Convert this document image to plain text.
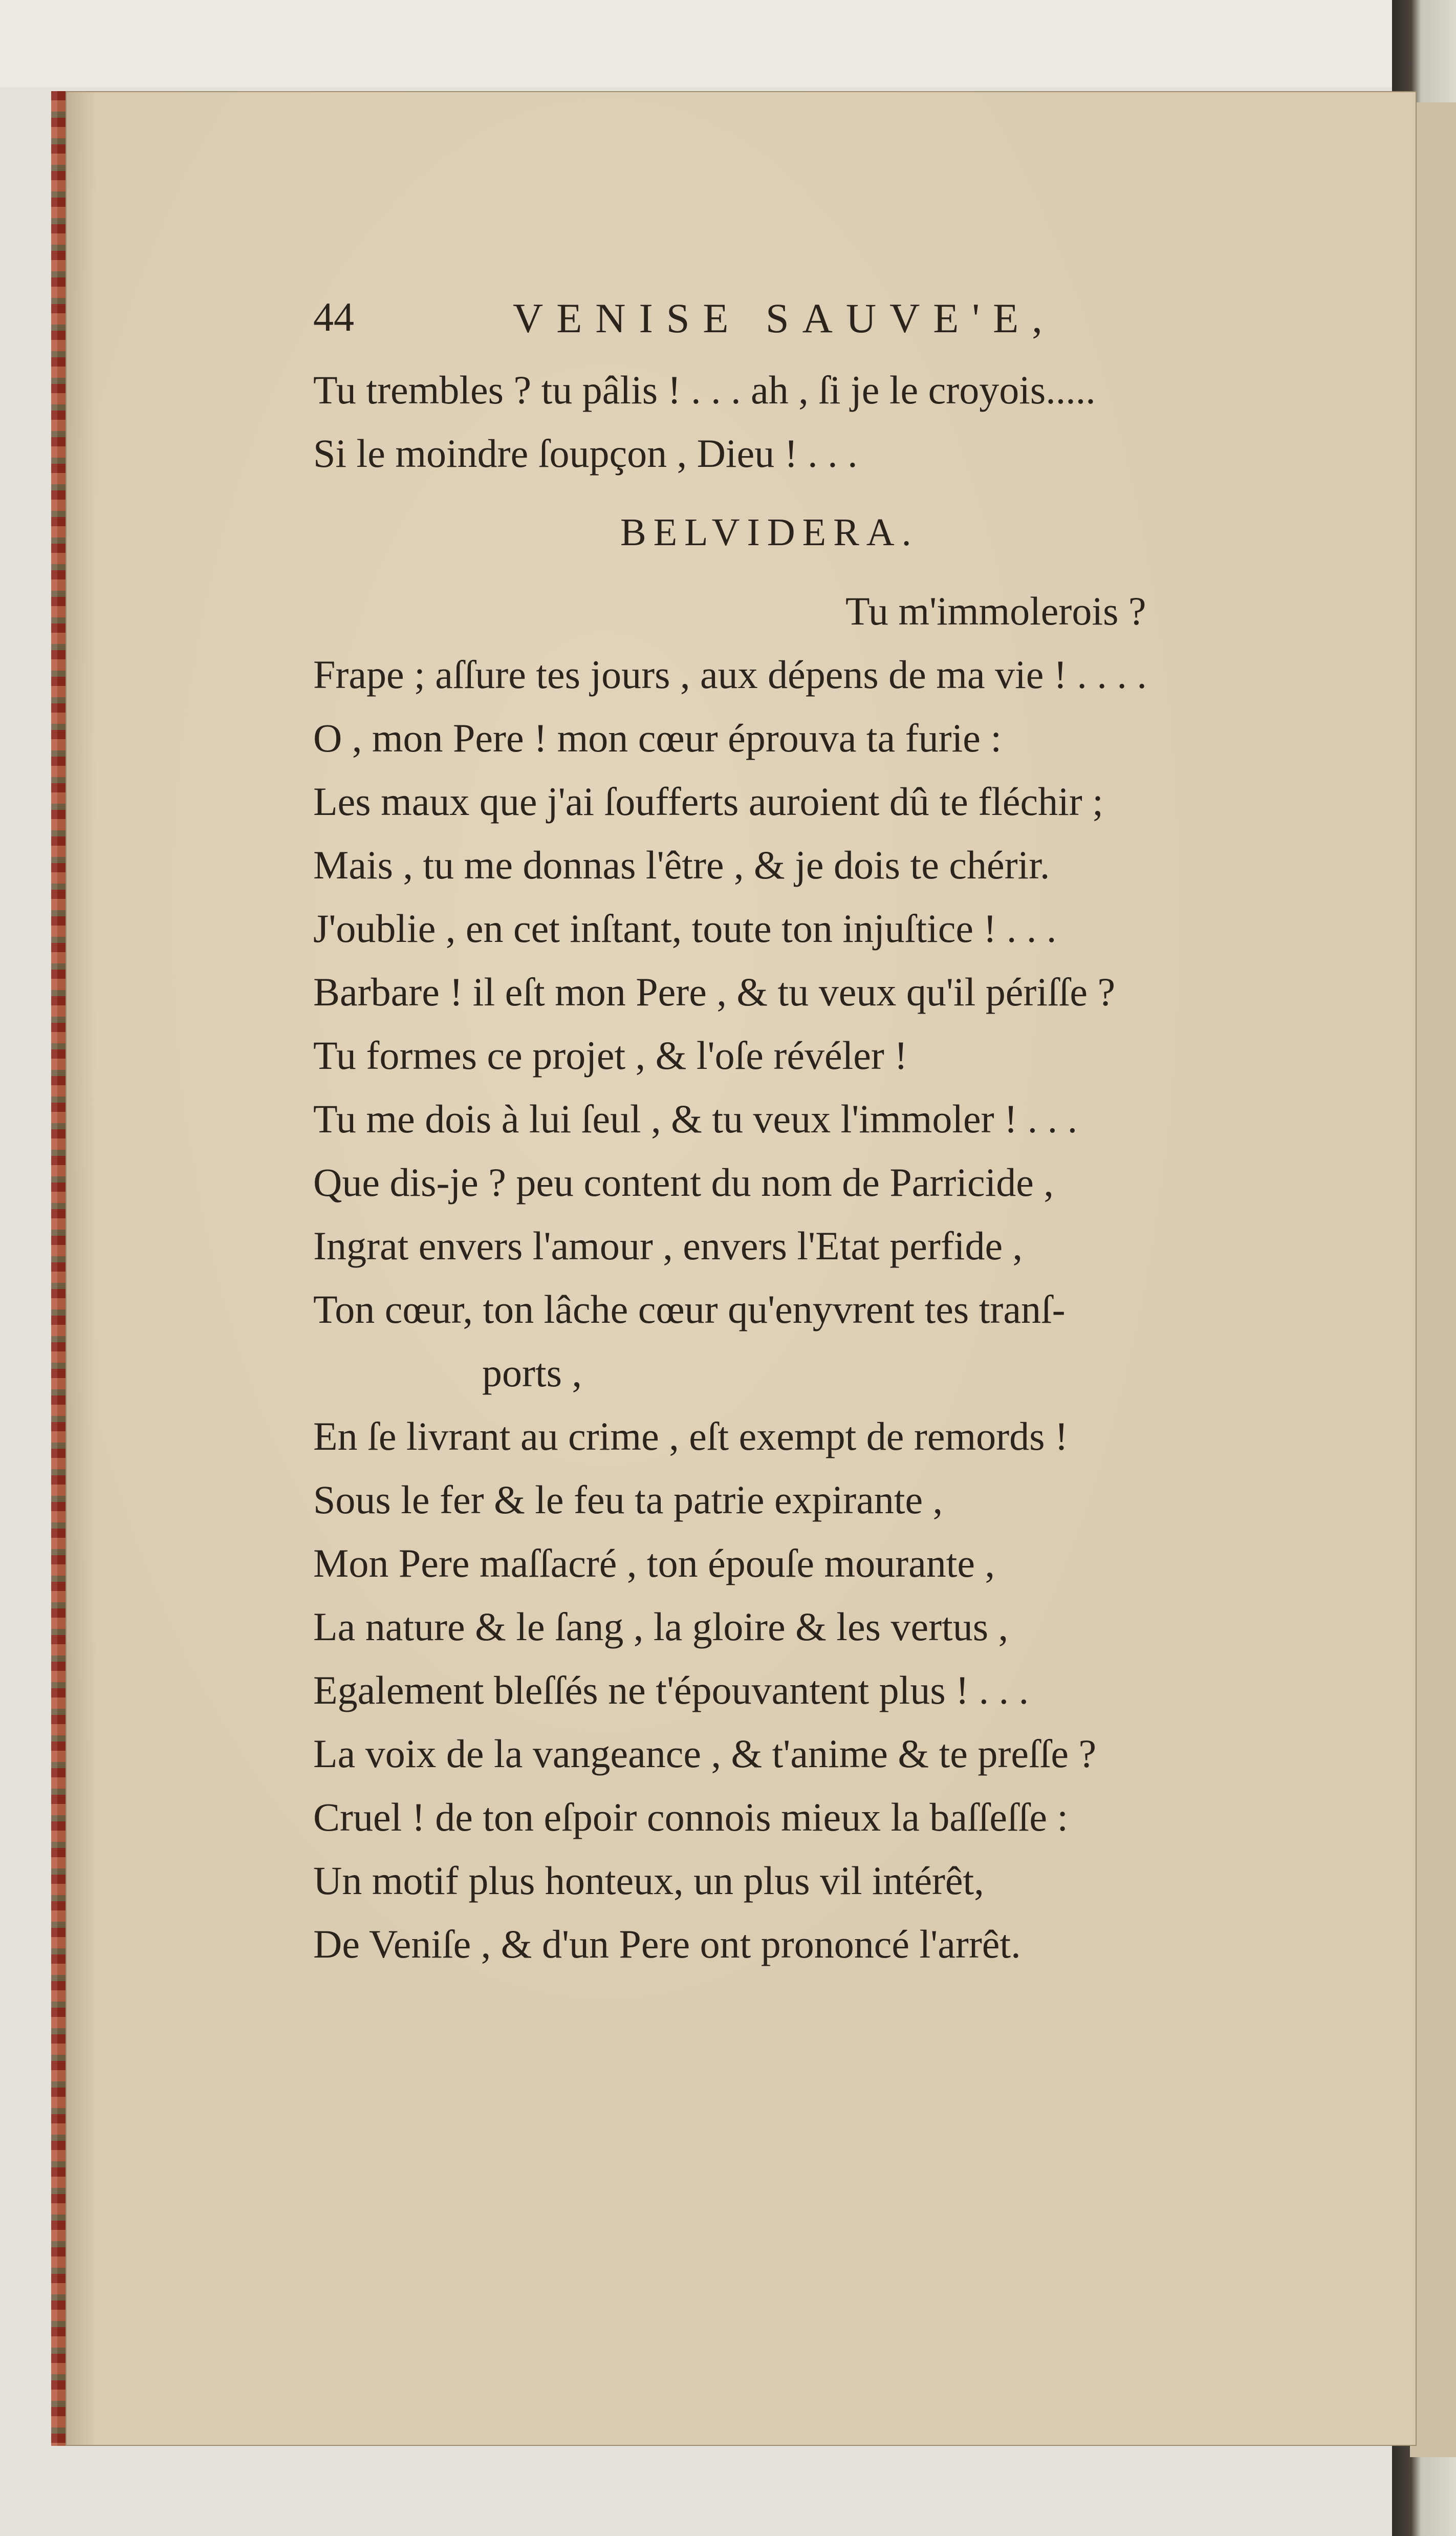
44	VENISE SAUVE'E,
Tu trembles ? tu pâlis ! . . . ah , ſi je le croyois.....
Si le moindre ſoupçon , Dieu ! . . .
BELVIDERA.
Tu m'immolerois ?
Frape ; aſſure tes jours , aux dépens de ma vie ! . . . .
O , mon Pere ! mon cœur éprouva ta furie :
Les maux que j'ai ſoufferts auroient dû te fléchir ;
Mais , tu me donnas l'être , & je dois te chérir.
J'oublie , en cet inſtant, toute ton injuſtice ! . . .
Barbare ! il eſt mon Pere , & tu veux qu'il périſſe ?
Tu formes ce projet , & l'oſe révéler !
Tu me dois à lui ſeul , & tu veux l'immoler ! . . .
Que dis-je ? peu content du nom de Parricide ,
Ingrat envers l'amour , envers l'Etat perfide ,
Ton cœur, ton lâche cœur qu'enyvrent tes tranſ-
ports ,
En ſe livrant au crime , eſt exempt de remords !
Sous le fer & le feu ta patrie expirante ,
Mon Pere maſſacré , ton épouſe mourante ,
La nature & le ſang , la gloire & les vertus ,
Egalement bleſſés ne t'épouvantent plus ! . . .
La voix de la vangeance , & t'anime & te preſſe ?
Cruel ! de ton eſpoir connois mieux la baſſeſſe :
Un motif plus honteux, un plus vil intérêt,
De Veniſe , & d'un Pere ont prononcé l'arrêt.
